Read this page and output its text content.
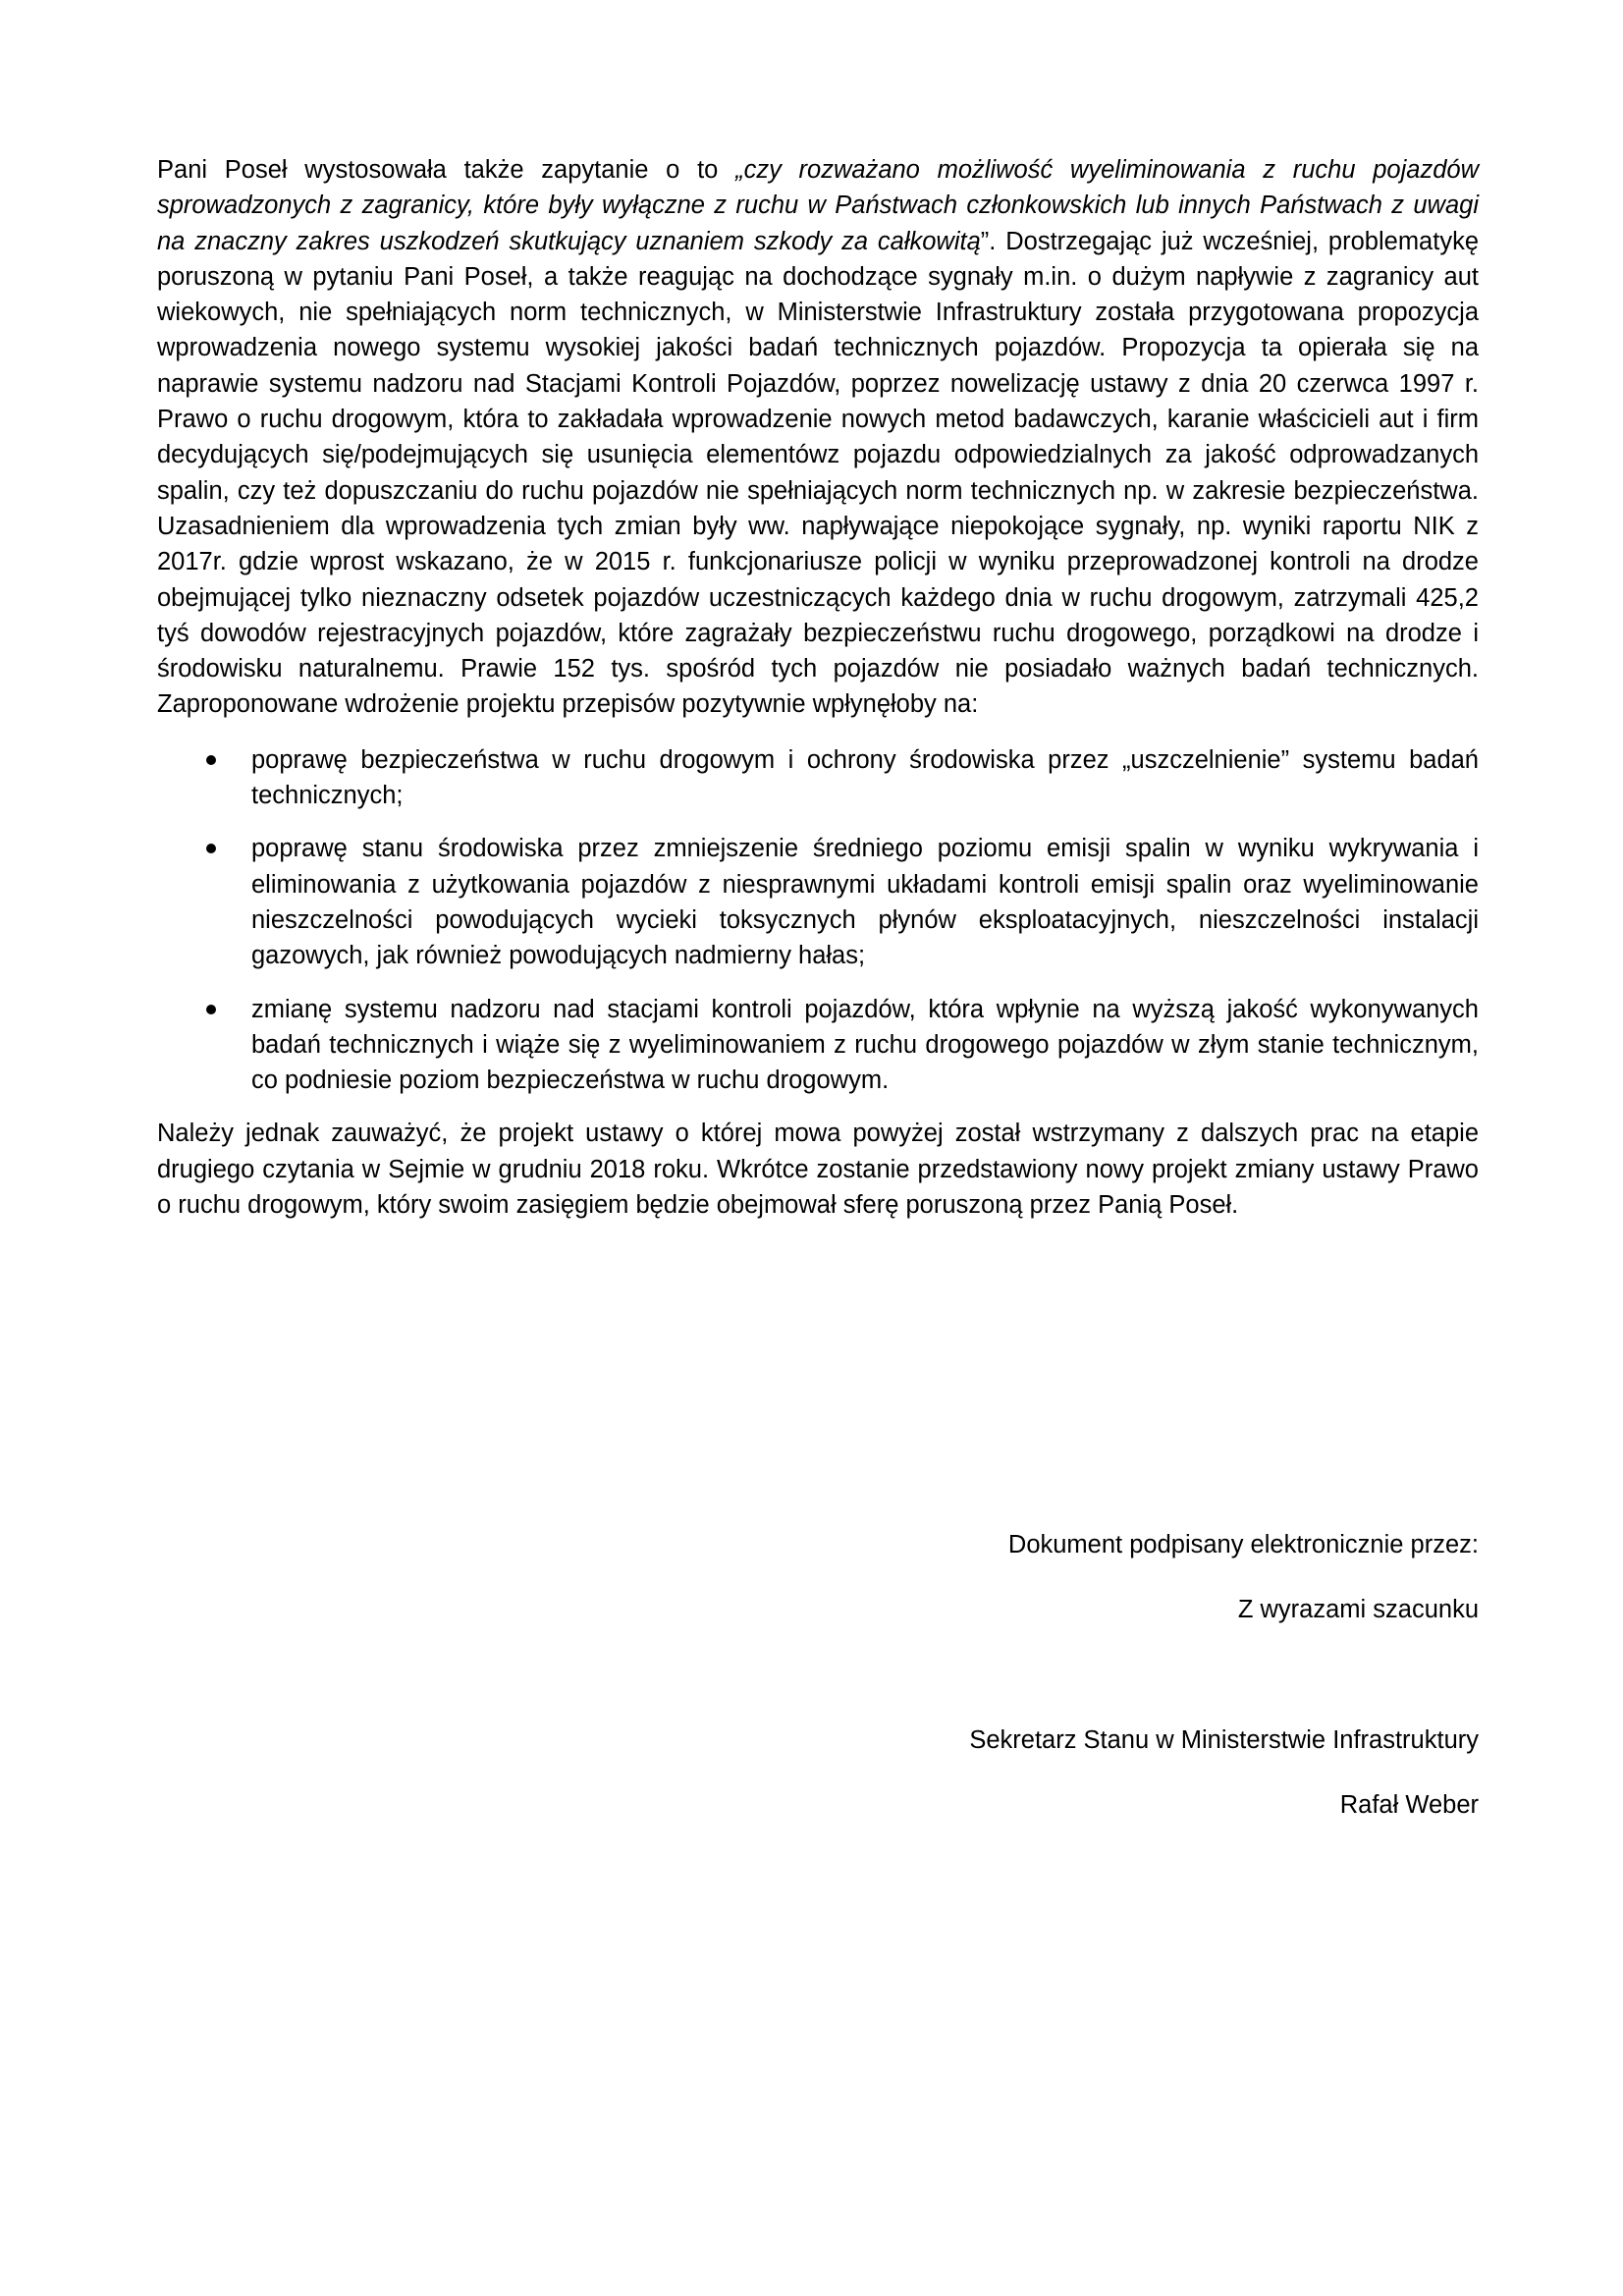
Pani Poseł wystosowała także zapytanie o to „czy rozważano możliwość wyeliminowania z ruchu pojazdów sprowadzonych z zagranicy, które były wyłączne z ruchu w Państwach członkowskich lub innych Państwach z uwagi na znaczny zakres uszkodzeń skutkujący uznaniem szkody za całkowitą”. Dostrzegając już wcześniej, problematykę poruszoną w pytaniu Pani Poseł, a także reagując na dochodzące sygnały m.in. o dużym napływie z zagranicy aut wiekowych, nie spełniających norm technicznych, w Ministerstwie Infrastruktury została przygotowana propozycja wprowadzenia nowego systemu wysokiej jakości badań technicznych pojazdów. Propozycja ta opierała się na naprawie systemu nadzoru nad Stacjami Kontroli Pojazdów, poprzez nowelizację ustawy z dnia 20 czerwca 1997 r. Prawo o ruchu drogowym, która to zakładała wprowadzenie nowych metod badawczych, karanie właścicieli aut i firm decydujących się/podejmujących się usunięcia elementówz pojazdu odpowiedzialnych za jakość odprowadzanych spalin, czy też dopuszczaniu do ruchu pojazdów nie spełniających norm technicznych np. w zakresie bezpieczeństwa. Uzasadnieniem dla wprowadzenia tych zmian były ww. napływające niepokojące sygnały, np. wyniki raportu NIK z 2017r. gdzie wprost wskazano, że w 2015 r. funkcjonariusze policji w wyniku przeprowadzonej kontroli na drodze obejmującej tylko nieznaczny odsetek pojazdów uczestniczących każdego dnia w ruchu drogowym, zatrzymali 425,2 tyś dowodów rejestracyjnych pojazdów, które zagrażały bezpieczeństwu ruchu drogowego, porządkowi na drodze i środowisku naturalnemu. Prawie 152 tys. spośród tych pojazdów nie posiadało ważnych badań technicznych. Zaproponowane wdrożenie projektu przepisów pozytywnie wpłynęłoby na:

poprawę bezpieczeństwa w ruchu drogowym i ochrony środowiska przez „uszczelnienie” systemu badań technicznych;
poprawę stanu środowiska przez zmniejszenie średniego poziomu emisji spalin w wyniku wykrywania i eliminowania z użytkowania pojazdów z niesprawnymi układami kontroli emisji spalin oraz wyeliminowanie nieszczelności powodujących wycieki toksycznych płynów eksploatacyjnych, nieszczelności instalacji gazowych, jak również powodujących nadmierny hałas;
zmianę systemu nadzoru nad stacjami kontroli pojazdów, która wpłynie na wyższą jakość wykonywanych badań technicznych i wiąże się z wyeliminowaniem z ruchu drogowego pojazdów w złym stanie technicznym, co podniesie poziom bezpieczeństwa w ruchu drogowym.

Należy jednak zauważyć, że projekt ustawy o której mowa powyżej został wstrzymany z dalszych prac na etapie drugiego czytania w Sejmie w grudniu 2018 roku. Wkrótce zostanie przedstawiony nowy projekt zmiany ustawy Prawo o ruchu drogowym, który swoim zasięgiem będzie obejmował sferę poruszoną przez Panią Poseł.

Dokument podpisany elektronicznie przez:
Z wyrazami szacunku
Sekretarz Stanu w Ministerstwie Infrastruktury
Rafał Weber
